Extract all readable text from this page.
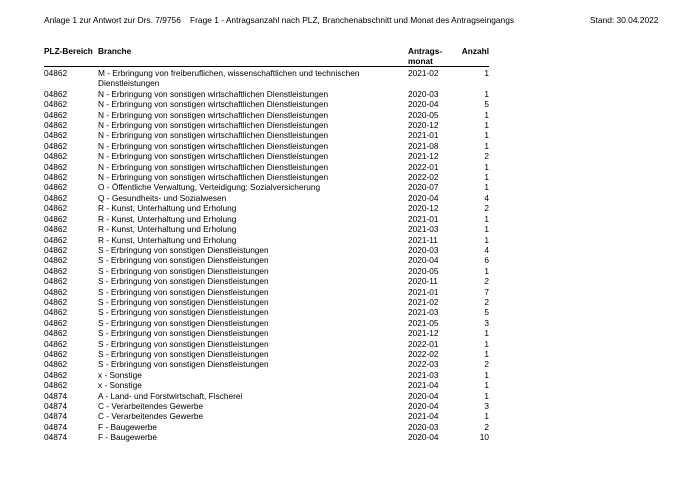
Anlage 1 zur Antwort zur Drs. 7/9756 Frage 1 - Antragsanzahl nach PLZ, Branchenabschnitt und Monat des Antragseingangs	Stand: 30.04.2022
PLZ-Bereich	Branche	Antrags-monat	Anzahl
04862	M - Erbringung von freiberuflichen, wissenschaftlichen und technischen Dienstleistungen	2021-02	1
04862	N - Erbringung von sonstigen wirtschaftlichen Dienstleistungen	2020-03	1
04862	N - Erbringung von sonstigen wirtschaftlichen Dienstleistungen	2020-04	5
04862	N - Erbringung von sonstigen wirtschaftlichen Dienstleistungen	2020-05	1
04862	N - Erbringung von sonstigen wirtschaftlichen Dienstleistungen	2020-12	1
04862	N - Erbringung von sonstigen wirtschaftlichen Dienstleistungen	2021-01	1
04862	N - Erbringung von sonstigen wirtschaftlichen Dienstleistungen	2021-08	1
04862	N - Erbringung von sonstigen wirtschaftlichen Dienstleistungen	2021-12	2
04862	N - Erbringung von sonstigen wirtschaftlichen Dienstleistungen	2022-01	1
04862	N - Erbringung von sonstigen wirtschaftlichen Dienstleistungen	2022-02	1
04862	O - Öffentliche Verwaltung, Verteidigung; Sozialversicherung	2020-07	1
04862	Q - Gesundheits- und Sozialwesen	2020-04	4
04862	R - Kunst, Unterhaltung und Erholung	2020-12	2
04862	R - Kunst, Unterhaltung und Erholung	2021-01	1
04862	R - Kunst, Unterhaltung und Erholung	2021-03	1
04862	R - Kunst, Unterhaltung und Erholung	2021-11	1
04862	S - Erbringung von sonstigen Dienstleistungen	2020-03	4
04862	S - Erbringung von sonstigen Dienstleistungen	2020-04	6
04862	S - Erbringung von sonstigen Dienstleistungen	2020-05	1
04862	S - Erbringung von sonstigen Dienstleistungen	2020-11	2
04862	S - Erbringung von sonstigen Dienstleistungen	2021-01	7
04862	S - Erbringung von sonstigen Dienstleistungen	2021-02	2
04862	S - Erbringung von sonstigen Dienstleistungen	2021-03	5
04862	S - Erbringung von sonstigen Dienstleistungen	2021-05	3
04862	S - Erbringung von sonstigen Dienstleistungen	2021-12	1
04862	S - Erbringung von sonstigen Dienstleistungen	2022-01	1
04862	S - Erbringung von sonstigen Dienstleistungen	2022-02	1
04862	S - Erbringung von sonstigen Dienstleistungen	2022-03	2
04862	x - Sonstige	2021-03	1
04862	x - Sonstige	2021-04	1
04874	A - Land- und Forstwirtschaft, Fischerei	2020-04	1
04874	C - Verarbeitendes Gewerbe	2020-04	3
04874	C - Verarbeitendes Gewerbe	2021-04	1
04874	F - Baugewerbe	2020-03	2
04874	F - Baugewerbe	2020-04	10
